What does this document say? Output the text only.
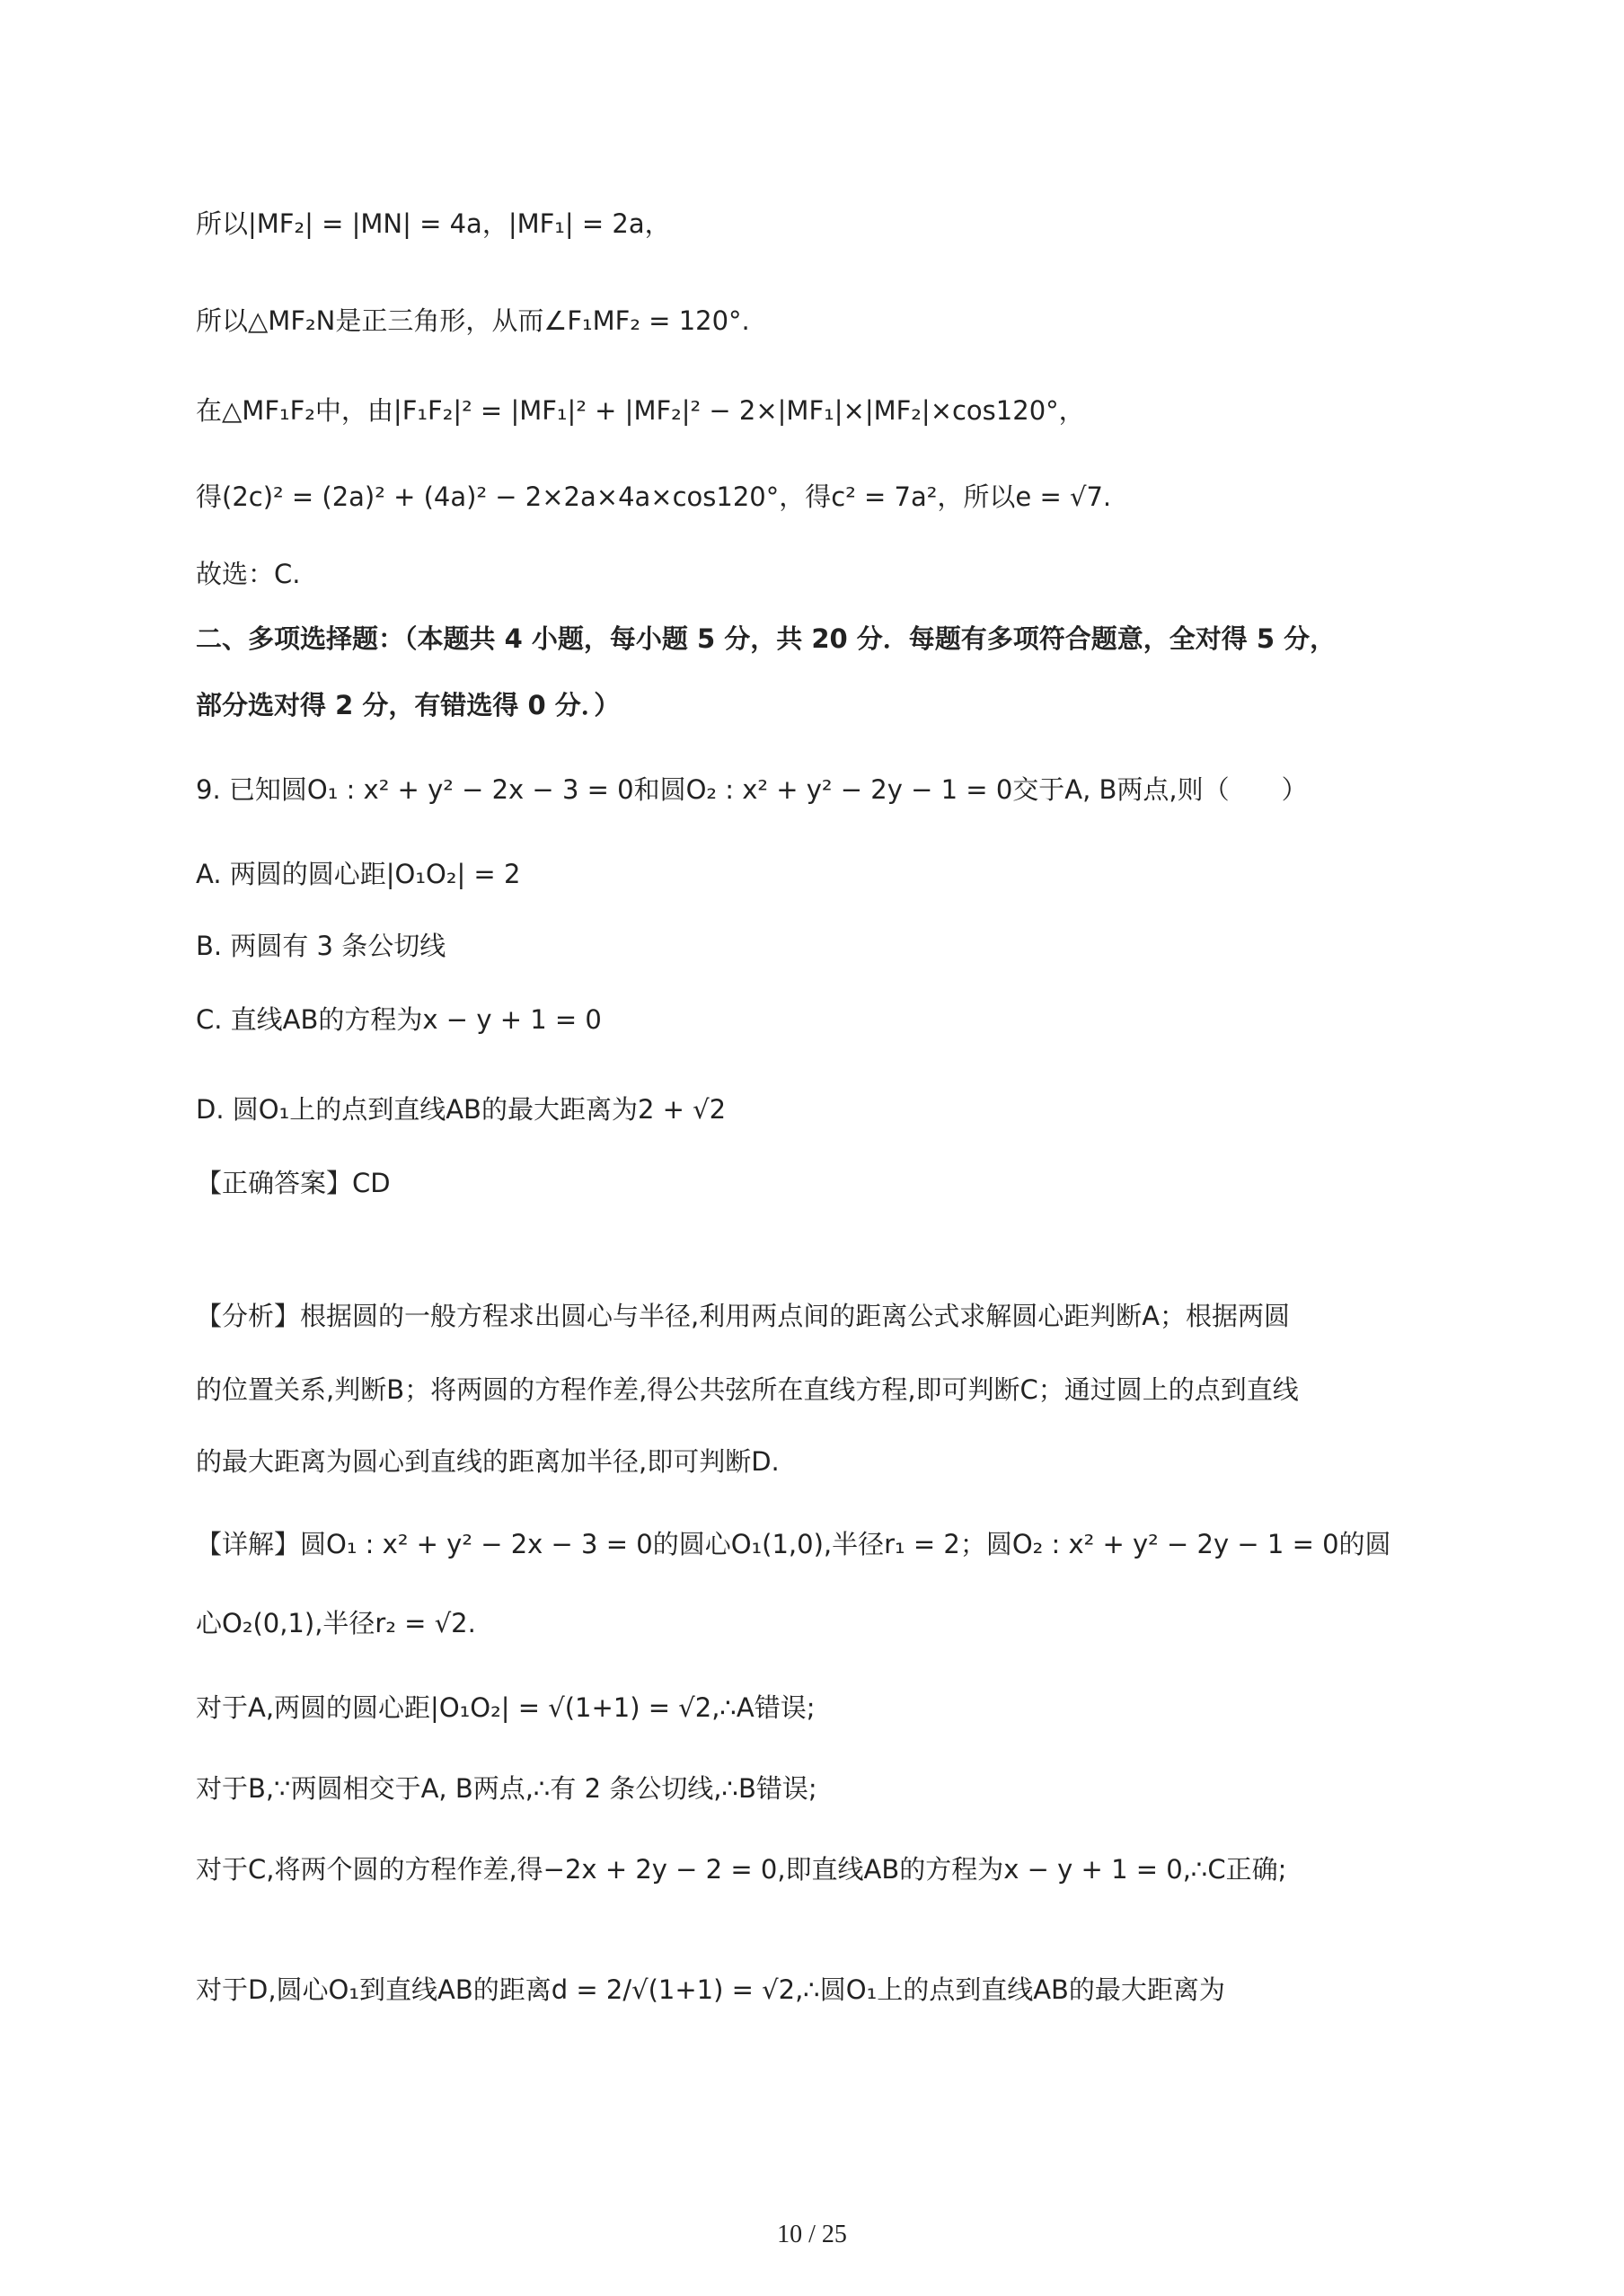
所以|MF₂| = |MN| = 4a，|MF₁| = 2a，
所以△MF₂N是正三角形，从而∠F₁MF₂ = 120°.
在△MF₁F₂中，由|F₁F₂|² = |MF₁|² + |MF₂|² − 2×|MF₁|×|MF₂|×cos120°，
得(2c)² = (2a)² + (4a)² − 2×2a×4a×cos120°，得c² = 7a²，所以e = √7.
故选：C.
二、多项选择题：（本题共 4 小题，每小题 5 分，共 20 分．每题有多项符合题意，全对得 5 分，
部分选对得 2 分，有错选得 0 分．）
9. 已知圆O₁ : x² + y² − 2x − 3 = 0和圆O₂ : x² + y² − 2y − 1 = 0交于A, B两点,则（　　）
A. 两圆的圆心距|O₁O₂| = 2
B. 两圆有 3 条公切线
C. 直线AB的方程为x − y + 1 = 0
D. 圆O₁上的点到直线AB的最大距离为2 + √2
【正确答案】CD
【分析】根据圆的一般方程求出圆心与半径,利用两点间的距离公式求解圆心距判断A；根据两圆
的位置关系,判断B；将两圆的方程作差,得公共弦所在直线方程,即可判断C；通过圆上的点到直线
的最大距离为圆心到直线的距离加半径,即可判断D.
【详解】圆O₁ : x² + y² − 2x − 3 = 0的圆心O₁(1,0),半径r₁ = 2；圆O₂ : x² + y² − 2y − 1 = 0的圆
心O₂(0,1),半径r₂ = √2.
对于A,两圆的圆心距|O₁O₂| = √(1+1) = √2,∴A错误;
对于B,∵两圆相交于A, B两点,∴有 2 条公切线,∴B错误;
对于C,将两个圆的方程作差,得−2x + 2y − 2 = 0,即直线AB的方程为x − y + 1 = 0,∴C正确;
对于D,圆心O₁到直线AB的距离d = 2/√(1+1) = √2,∴圆O₁上的点到直线AB的最大距离为
10 / 25
